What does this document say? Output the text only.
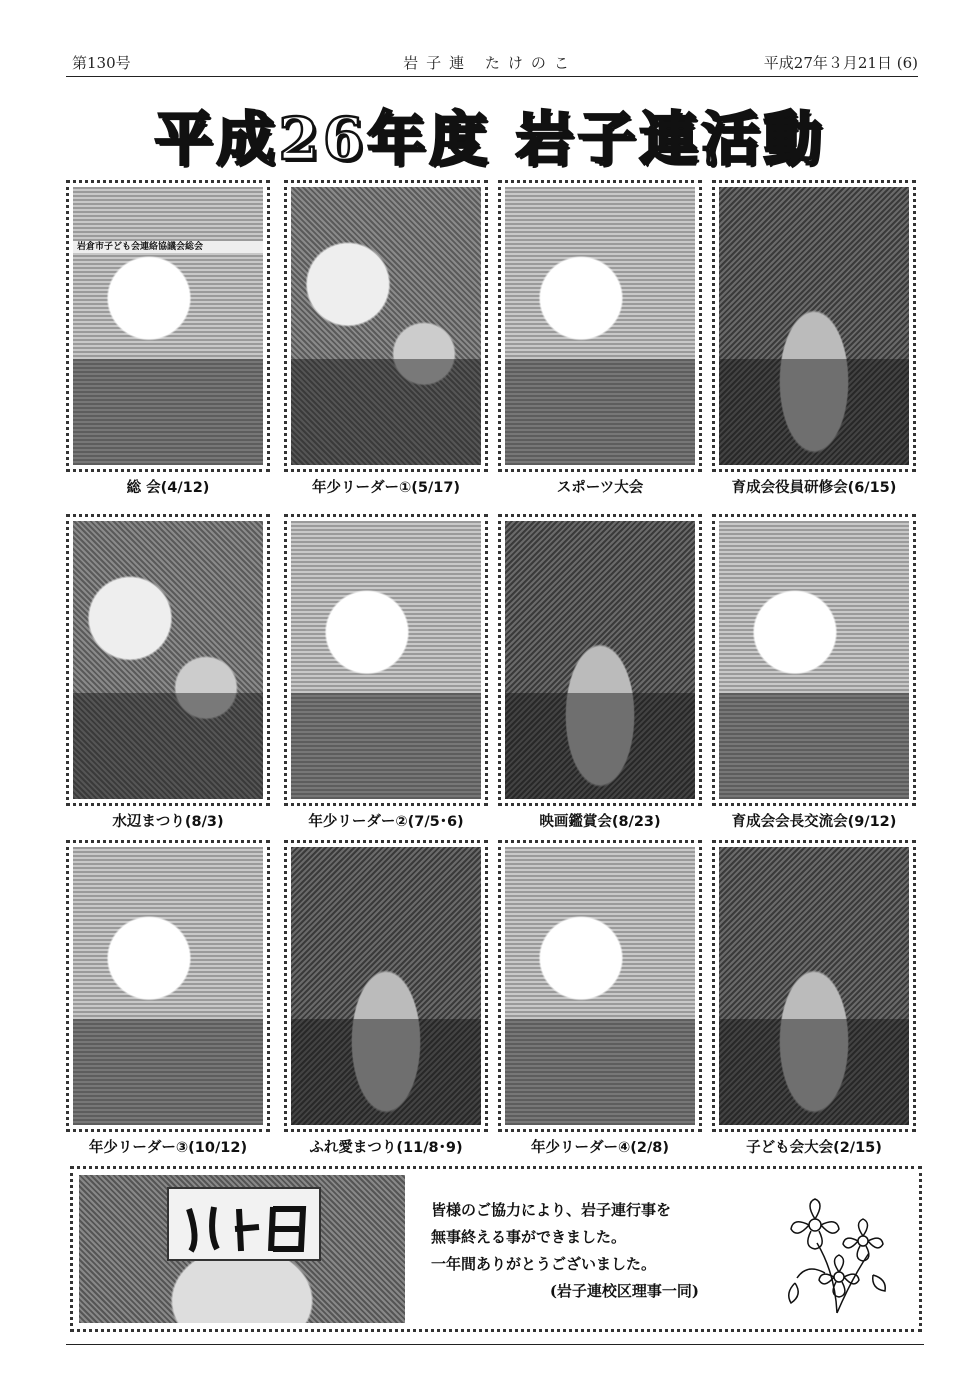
第130号	岩子連 たけのこ	平成27年３月21日 (6)
平成26年度 岩子連活動
岩倉市子ども会連絡協議会総会
総 会(4/12)	年少リーダー①(5/17)	スポーツ大会	育成会役員研修会(6/15)
水辺まつり(8/3)	年少リーダー②(7/5･6)	映画鑑賞会(8/23)	育成会会長交流会(9/12)
年少リーダー③(10/12)	ふれ愛まつり(11/8･9)	年少リーダー④(2/8)	子ども会大会(2/15)
皆様のご協力により、岩子連行事を
無事終える事ができました。
一年間ありがとうございました。

(岩子連校区理事一同)
